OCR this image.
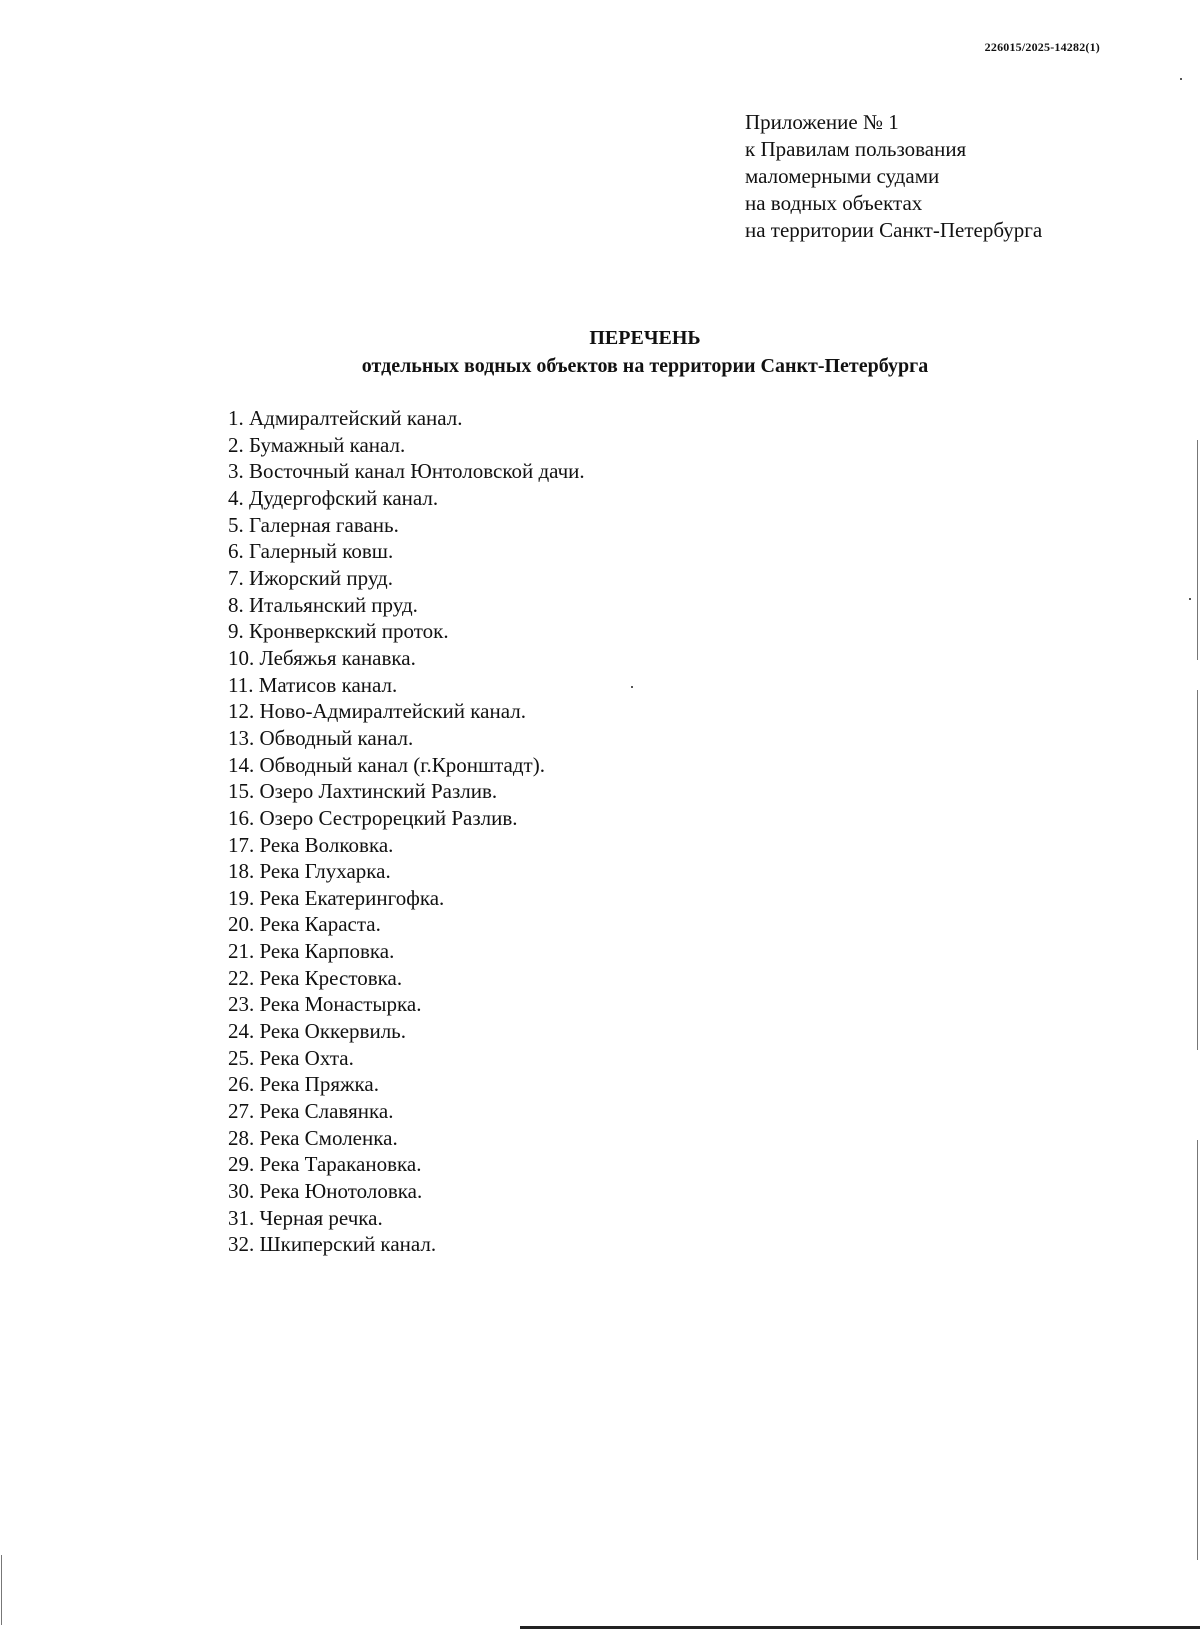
226015/2025-14282(1)
Приложение № 1
к Правилам пользования
маломерными судами
на водных объектах
на территории Санкт-Петербурга
ПЕРЕЧЕНЬ
отдельных водных объектов на территории Санкт-Петербурга
1. Адмиралтейский канал.
2. Бумажный канал.
3. Восточный канал Юнтоловской дачи.
4. Дудергофский канал.
5. Галерная гавань.
6. Галерный ковш.
7. Ижорский пруд.
8. Итальянский пруд.
9. Кронверкский проток.
10. Лебяжья канавка.
11. Матисов канал.
12. Ново-Адмиралтейский канал.
13. Обводный канал.
14. Обводный канал (г.Кронштадт).
15. Озеро Лахтинский Разлив.
16. Озеро Сестрорецкий Разлив.
17. Река Волковка.
18. Река Глухарка.
19. Река Екатерингофка.
20. Река Караста.
21. Река Карповка.
22. Река Крестовка.
23. Река Монастырка.
24. Река Оккервиль.
25. Река Охта.
26. Река Пряжка.
27. Река Славянка.
28. Река Смоленка.
29. Река Таракановка.
30. Река Юнотоловка.
31. Черная речка.
32. Шкиперский канал.
